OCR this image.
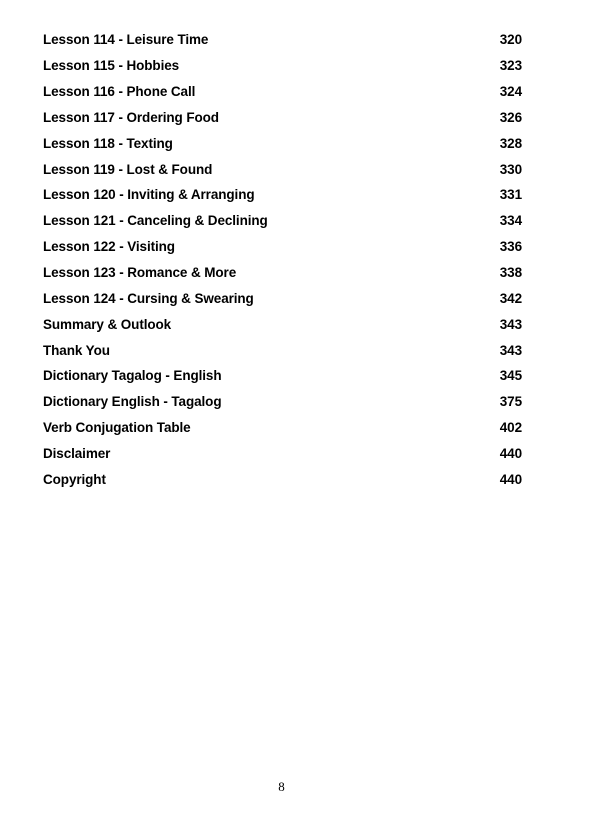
Lesson 114 - Leisure Time	320
Lesson 115 - Hobbies	323
Lesson 116 - Phone Call	324
Lesson 117 - Ordering Food	326
Lesson 118 - Texting	328
Lesson 119 - Lost & Found	330
Lesson 120 - Inviting & Arranging	331
Lesson 121 - Canceling & Declining	334
Lesson 122 - Visiting	336
Lesson 123 - Romance & More	338
Lesson 124 - Cursing & Swearing	342
Summary & Outlook	343
Thank You	343
Dictionary Tagalog - English	345
Dictionary English - Tagalog	375
Verb Conjugation Table	402
Disclaimer	440
Copyright	440
8
